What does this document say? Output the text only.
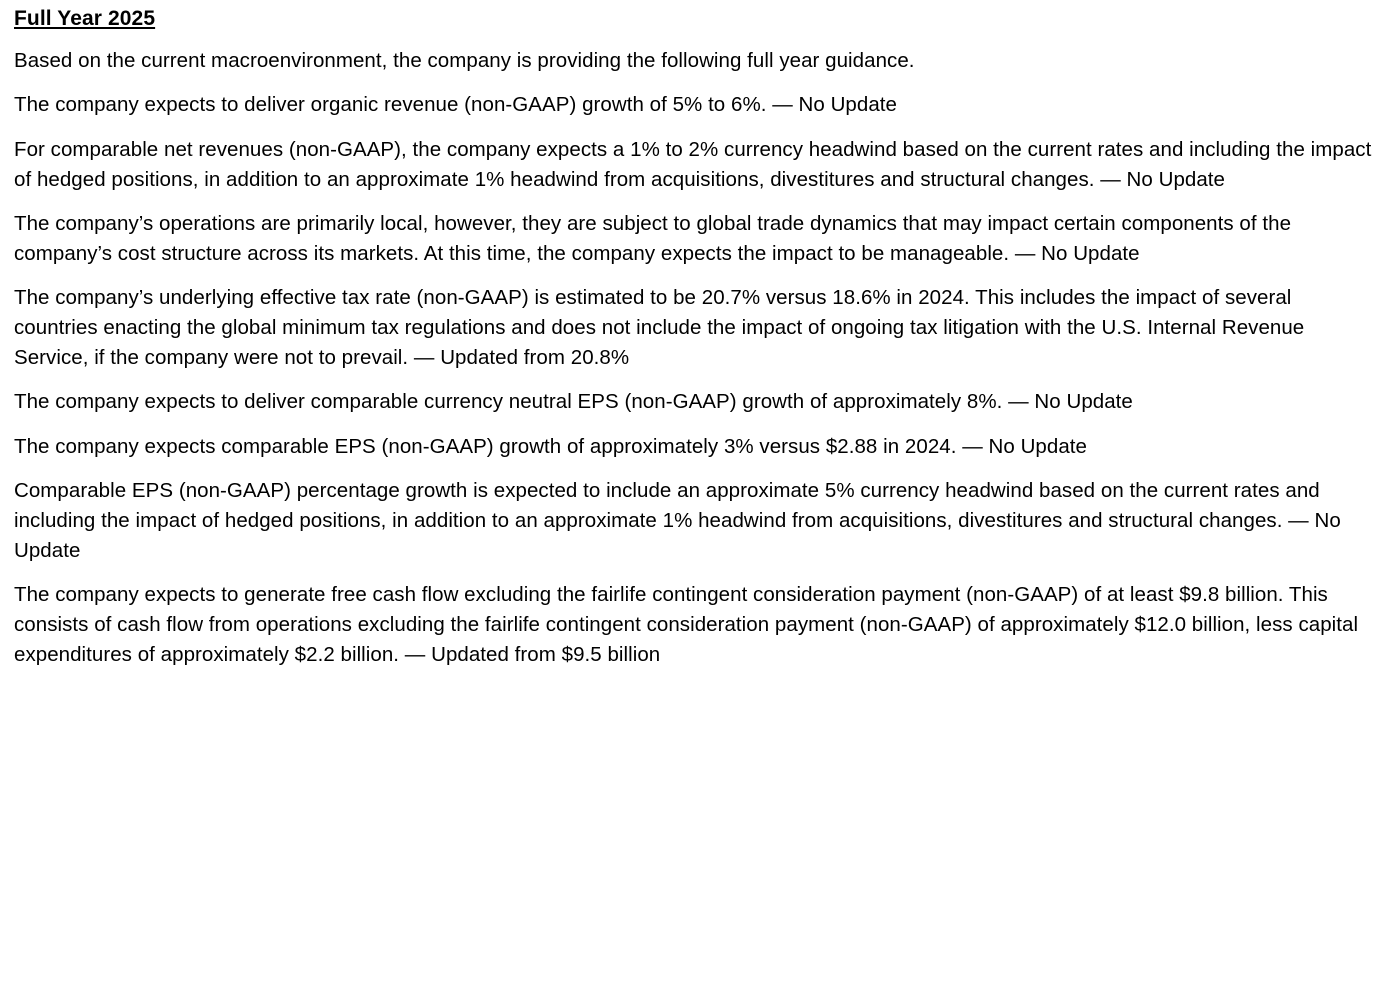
Full Year 2025

Based on the current macroenvironment, the company is providing the following full year guidance.

The company expects to deliver organic revenue (non-GAAP) growth of 5% to 6%. — No Update

For comparable net revenues (non-GAAP), the company expects a 1% to 2% currency headwind based on the current rates and including the impact of hedged positions, in addition to an approximate 1% headwind from acquisitions, divestitures and structural changes. — No Update

The company’s operations are primarily local, however, they are subject to global trade dynamics that may impact certain components of the company’s cost structure across its markets. At this time, the company expects the impact to be manageable. — No Update

The company’s underlying effective tax rate (non-GAAP) is estimated to be 20.7% versus 18.6% in 2024. This includes the impact of several countries enacting the global minimum tax regulations and does not include the impact of ongoing tax litigation with the U.S. Internal Revenue Service, if the company were not to prevail. — Updated from 20.8%

The company expects to deliver comparable currency neutral EPS (non-GAAP) growth of approximately 8%. — No Update

The company expects comparable EPS (non-GAAP) growth of approximately 3% versus $2.88 in 2024. — No Update

Comparable EPS (non-GAAP) percentage growth is expected to include an approximate 5% currency headwind based on the current rates and including the impact of hedged positions, in addition to an approximate 1% headwind from acquisitions, divestitures and structural changes. — No Update

The company expects to generate free cash flow excluding the fairlife contingent consideration payment (non-GAAP) of at least $9.8 billion. This consists of cash flow from operations excluding the fairlife contingent consideration payment (non-GAAP) of approximately $12.0 billion, less capital expenditures of approximately $2.2 billion. — Updated from $9.5 billion
